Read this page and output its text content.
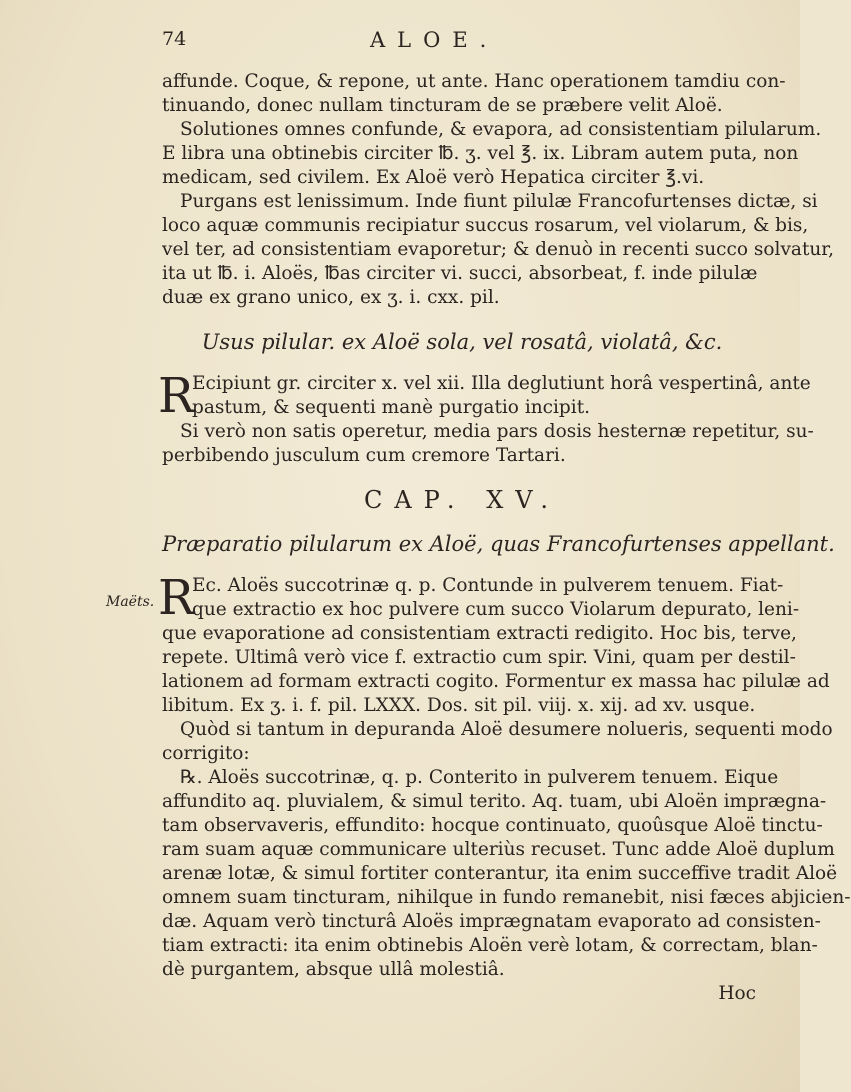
74	ALOE.
Maëts.
affunde. Coque, & repone, ut ante. Hanc operationem tamdiu con-
tinuando, donec nullam tincturam de se præbere velit Aloë.
Solutiones omnes confunde, & evapora, ad consistentiam pilularum.
E libra una obtinebis circiter ℔. ʒ. vel ℥. ix. Libram autem puta, non
medicam, sed civilem. Ex Aloë verò Hepatica circiter ℥.vi.
Purgans est lenissimum. Inde fiunt pilulæ Francofurtenses dictæ, si
loco aquæ communis recipiatur succus rosarum, vel violarum, & bis,
vel ter, ad consistentiam evaporetur; & denuò in recenti succo solvatur,
ita ut ℔. i. Aloës, ℔as circiter vi. succi, absorbeat, f. inde pilulæ
duæ ex grano unico, ex ʒ. i. cxx. pil.
Usus pilular. ex Aloë sola, vel rosatâ, violatâ, &c.
R
Ecipiunt gr. circiter x. vel xii. Illa deglutiunt horâ vespertinâ, ante
pastum, & sequenti manè purgatio incipit.
Si verò non satis operetur, media pars dosis hesternæ repetitur, su-
perbibendo jusculum cum cremore Tartari.
CAP. XV.
Præparatio pilularum ex Aloë, quas Francofurtenses appellant.
R
Ec. Aloës succotrinæ q. p. Contunde in pulverem tenuem. Fiat-
que extractio ex hoc pulvere cum succo Violarum depurato, leni-
que evaporatione ad consistentiam extracti redigito. Hoc bis, terve,
repete. Ultimâ verò vice f. extractio cum spir. Vini, quam per destil-
lationem ad formam extracti cogito. Formentur ex massa hac pilulæ ad
libitum. Ex ʒ. i. f. pil. LXXX. Dos. sit pil. viij. x. xij. ad xv. usque.
Quòd si tantum in depuranda Aloë desumere nolueris, sequenti modo
corrigito:
℞. Aloës succotrinæ, q. p. Conterito in pulverem tenuem. Eique
affundito aq. pluvialem, & simul terito. Aq. tuam, ubi Aloën imprægna-
tam observaveris, effundito: hocque continuato, quoûsque Aloë tinctu-
ram suam aquæ communicare ulteriùs recuset. Tunc adde Aloë duplum
arenæ lotæ, & simul fortiter conterantur, ita enim succeffive tradit Aloë
omnem suam tincturam, nihilque in fundo remanebit, nisi fæces abjicien-
dæ. Aquam verò tincturâ Aloës imprægnatam evaporato ad consisten-
tiam extracti: ita enim obtinebis Aloën verè lotam, & correctam, blan-
dè purgantem, absque ullâ molestiâ.
Hoc
